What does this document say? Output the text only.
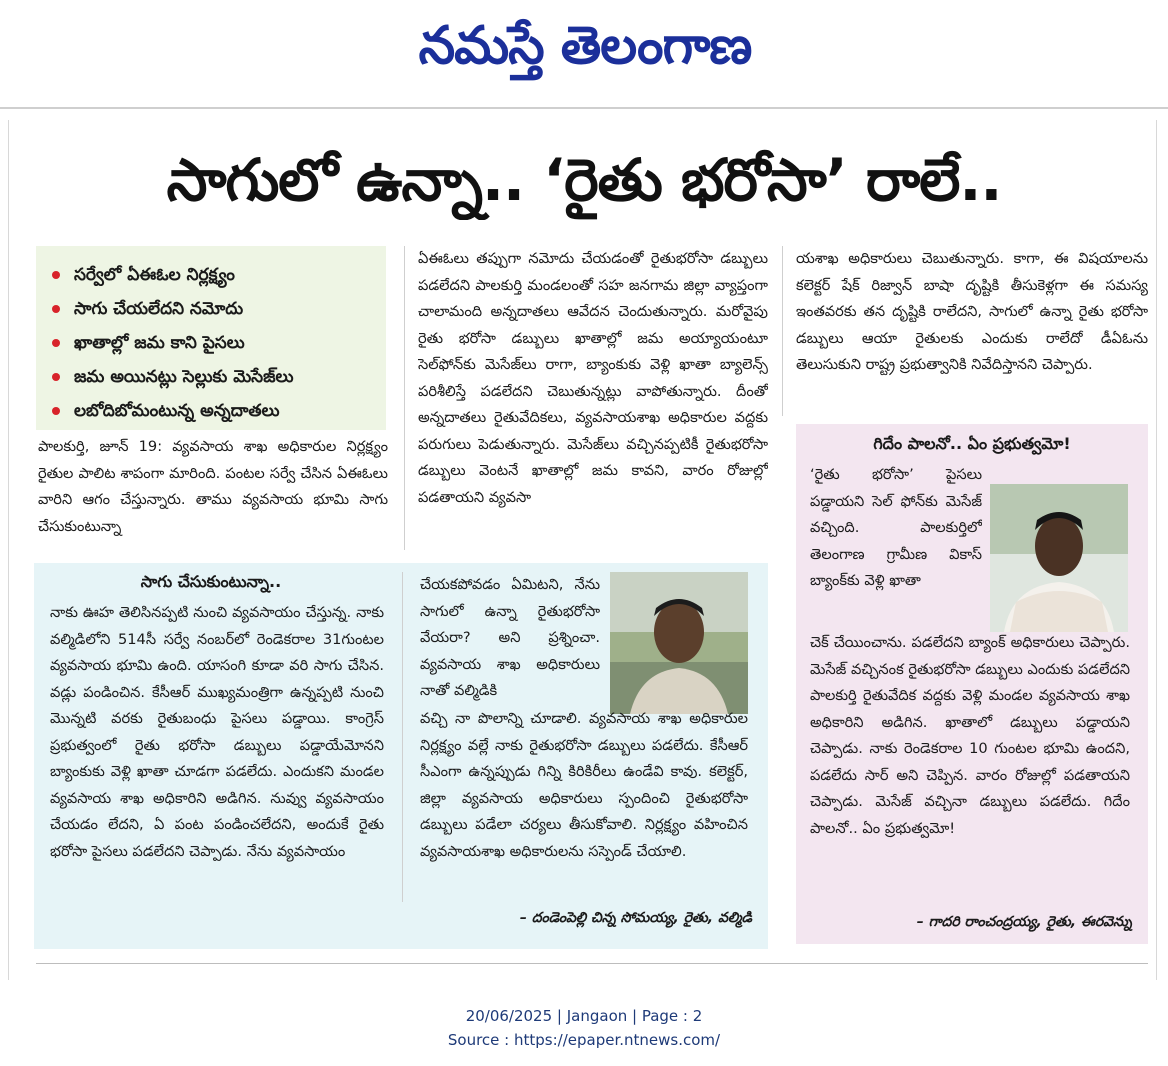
నమస్తే తెలంగాణ
సాగులో ఉన్నా.. ‘రైతు భరోసా’ రాలే..
సర్వేలో ఏఈఓల నిర్లక్ష్యం
సాగు చేయలేదని నమోదు
ఖాతాల్లో జమ కాని పైసలు
జమ అయినట్లు సెల్లుకు మెసేజ్‌లు
లబోదిబోమంటున్న అన్నదాతలు

పాలకుర్తి, జూన్ 19: వ్యవసాయ శాఖ అధికారుల నిర్లక్ష్యం రైతుల పాలిట శాపంగా మారింది. పంటల సర్వే చేసిన ఏఈఓలు వారిని ఆగం చేస్తున్నారు. తాము వ్యవసాయ భూమి సాగు చేసుకుంటున్నా

ఏఈఓలు తప్పుగా నమోదు చేయడంతో రైతుభరోసా డబ్బులు పడలేదని పాలకుర్తి మండలంతో సహ జనగామ జిల్లా వ్యాప్తంగా చాలామంది అన్నదాతలు ఆవేదన చెందుతున్నారు. మరోవైపు రైతు భరోసా డబ్బులు ఖాతాల్లో జమ అయ్యాయంటూ సెల్‌ఫోన్‌కు మెసేజ్‌లు రాగా, బ్యాంకుకు వెళ్లి ఖాతా బ్యాలెన్స్ పరిశీలిస్తే పడలేదని చెబుతున్నట్లు వాపోతున్నారు. దీంతో అన్నదాతలు రైతువేదికలు, వ్యవసాయశాఖ అధికారుల వద్దకు పరుగులు పెడుతున్నారు. మెసేజ్‌లు వచ్చినప్పటికీ రైతుభరోసా డబ్బులు వెంటనే ఖాతాల్లో జమ కావని, వారం రోజుల్లో పడతాయని వ్యవసా

యశాఖ అధికారులు చెబుతున్నారు. కాగా, ఈ విషయాలను కలెక్టర్ షేక్ రిజ్వాన్ బాషా దృష్టికి తీసుకెళ్లగా ఈ సమస్య ఇంతవరకు తన దృష్టికి రాలేదని, సాగులో ఉన్నా రైతు భరోసా డబ్బులు ఆయా రైతులకు ఎందుకు రాలేదో డీఏఓను తెలుసుకుని రాష్ట్ర ప్రభుత్వానికి నివేదిస్తానని చెప్పారు.

సాగు చేసుకుంటున్నా..

నాకు ఊహ తెలిసినప్పటి నుంచి వ్యవసాయం చేస్తున్న. నాకు వల్మిడిలోని 514సీ సర్వే నంబర్‌లో రెండెకరాల 31గుంటల వ్యవసాయ భూమి ఉంది. యాసంగి కూడా వరి సాగు చేసిన. వడ్లు పండించిన. కేసీఆర్ ముఖ్యమంత్రిగా ఉన్నప్పటి నుంచి మొన్నటి వరకు రైతుబంధు పైసలు పడ్డాయి. కాంగ్రెస్ ప్రభుత్వంలో రైతు భరోసా డబ్బులు పడ్డాయేమోనని బ్యాంకుకు వెళ్లి ఖాతా చూడగా పడలేదు. ఎందుకని మండల వ్యవసాయ శాఖ అధికారిని అడిగిన. నువ్వు వ్యవసాయం చేయడం లేదని, ఏ పంట పండించలేదని, అందుకే రైతు భరోసా పైసలు పడలేదని చెప్పాడు. నేను వ్యవసాయం

చేయకపోవడం ఏమిటని, నేను సాగులో ఉన్నా రైతుభరోసా వేయరా? అని ప్రశ్నించా. వ్యవసాయ శాఖ అధికారులు నాతో వల్మిడికి

వచ్చి నా పొలాన్ని చూడాలి. వ్యవసాయ శాఖ అధికారుల నిర్లక్ష్యం వల్లే నాకు రైతుభరోసా డబ్బులు పడలేదు. కేసీఆర్ సీఎంగా ఉన్నప్పుడు గిన్ని కిరికిరీలు ఉండేవి కావు. కలెక్టర్, జిల్లా వ్యవసాయ అధికారులు స్పందించి రైతుభరోసా డబ్బులు పడేలా చర్యలు తీసుకోవాలి. నిర్లక్ష్యం వహించిన వ్యవసాయశాఖ అధికారులను సస్పెండ్ చేయాలి.

– దండెంపెల్లి చిన్న సోమయ్య, రైతు, వల్మిడి
గిదేం పాలనో.. ఏం ప్రభుత్వమో!

‘రైతు భరోసా’ పైసలు పడ్డాయని సెల్ ఫోన్‌కు మెసేజ్ వచ్చింది. పాలకుర్తిలో తెలంగాణ గ్రామీణ వికాస్ బ్యాంక్‌కు వెళ్లి ఖాతా

చెక్ చేయించాను. పడలేదని బ్యాంక్ అధికారులు చెప్పారు. మెసేజ్ వచ్చినంక రైతుభరోసా డబ్బులు ఎందుకు పడలేదని పాలకుర్తి రైతువేదిక వద్దకు వెళ్లి మండల వ్యవసాయ శాఖ అధికారిని అడిగిన. ఖాతాలో డబ్బులు పడ్డాయని చెప్పాడు. నాకు రెండెకరాల 10 గుంటల భూమి ఉందని, పడలేదు సార్ అని చెప్పిన. వారం రోజుల్లో పడతాయని చెప్పాడు. మెసేజ్ వచ్చినా డబ్బులు పడలేదు. గిదేం పాలనో.. ఏం ప్రభుత్వమో!

– గాదరి రాంచంద్రయ్య, రైతు, ఈరవెన్ను
20/06/2025 | Jangaon | Page : 2
Source : https://epaper.ntnews.com/
